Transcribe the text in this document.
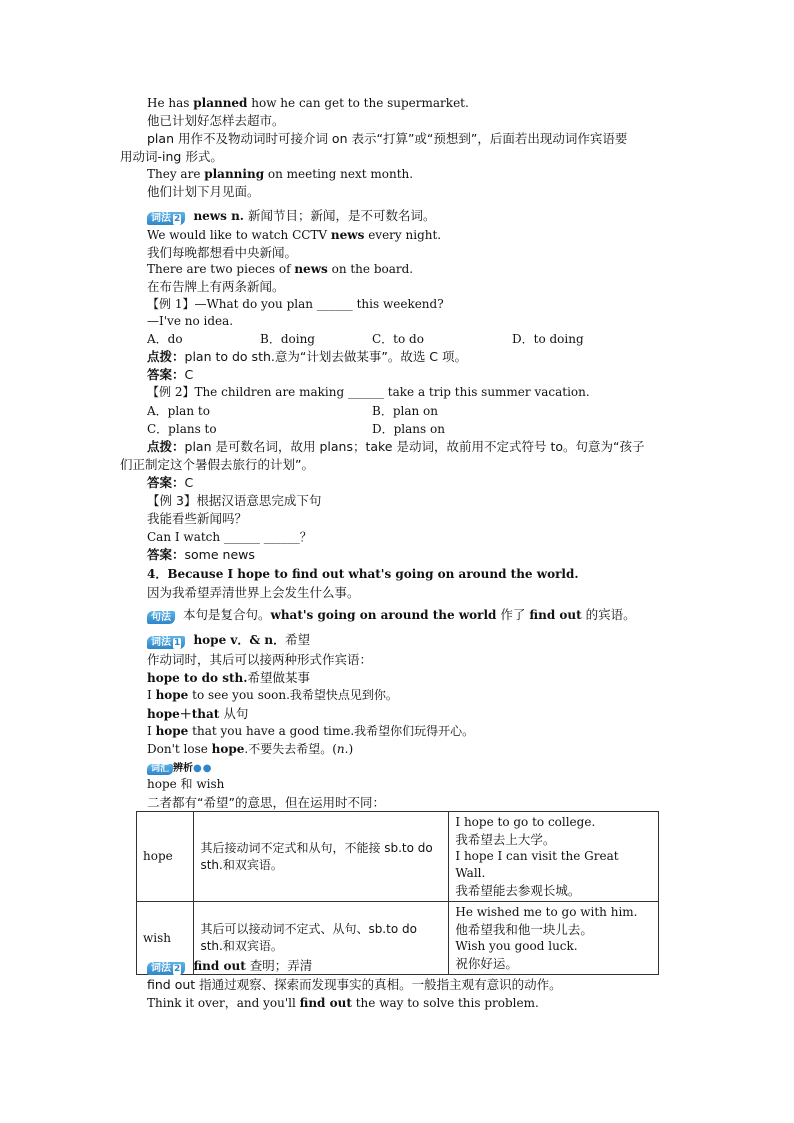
He has planned how he can get to the supermarket.
他已计划好怎样去超市。
plan 用作不及物动词时可接介词 on 表示“打算”或“预想到”，后面若出现动词作宾语要
用动词-ing 形式。
They are planning on meeting next month.
他们计划下月见面。
词法 2 news n. 新闻节目；新闻，是不可数名词。
We would like to watch CCTV news every night.
我们每晚都想看中央新闻。
There are two pieces of news on the board.
在布告牌上有两条新闻。
【例 1】—What do you plan ______ this weekend?
—I've no idea.
A．do	B．doing	C．to do	D．to doing
点拨：plan to do sth.意为“计划去做某事”。故选 C 项。
答案：C
【例 2】The children are making ______ take a trip this summer vacation.
A．plan to	B．plan on
C．plans to	D．plans on
点拨：plan 是可数名词，故用 plans；take 是动词，故前用不定式符号 to。句意为“孩子
们正制定这个暑假去旅行的计划”。
答案：C
【例 3】根据汉语意思完成下句
我能看些新闻吗？
Can I watch ______ ______？
答案：some news
4．Because I hope to find out what's going on around the world.
因为我希望弄清世界上会发生什么事。
句法 本句是复合句。what's going on around the world 作了 find out 的宾语。
词法 1 hope v．& n．希望
作动词时，其后可以接两种形式作宾语：
hope to do sth.希望做某事
I hope to see you soon.我希望快点见到你。
hope＋that 从句
I hope that you have a good time.我希望你们玩得开心。
Don't lose hope.不要失去希望。(n.)
词汇 辨析●●
hope 和 wish
二者都有“希望”的意思，但在运用时不同：
hope	其后接动词不定式和从句，不能接 sb.to do sth.和双宾语。	I hope to go to college.
我希望去上大学。
I hope I can visit the Great Wall.
我希望能去参观长城。

wish	其后可以接动词不定式、从句、sb.to do sth.和双宾语。	He wished me to go with him.
他希望我和他一块儿去。
Wish you good luck.
祝你好运。
词法 2 find out 查明；弄清
find out 指通过观察、探索而发现事实的真相。一般指主观有意识的动作。
Think it over，and you'll find out the way to solve this problem.
